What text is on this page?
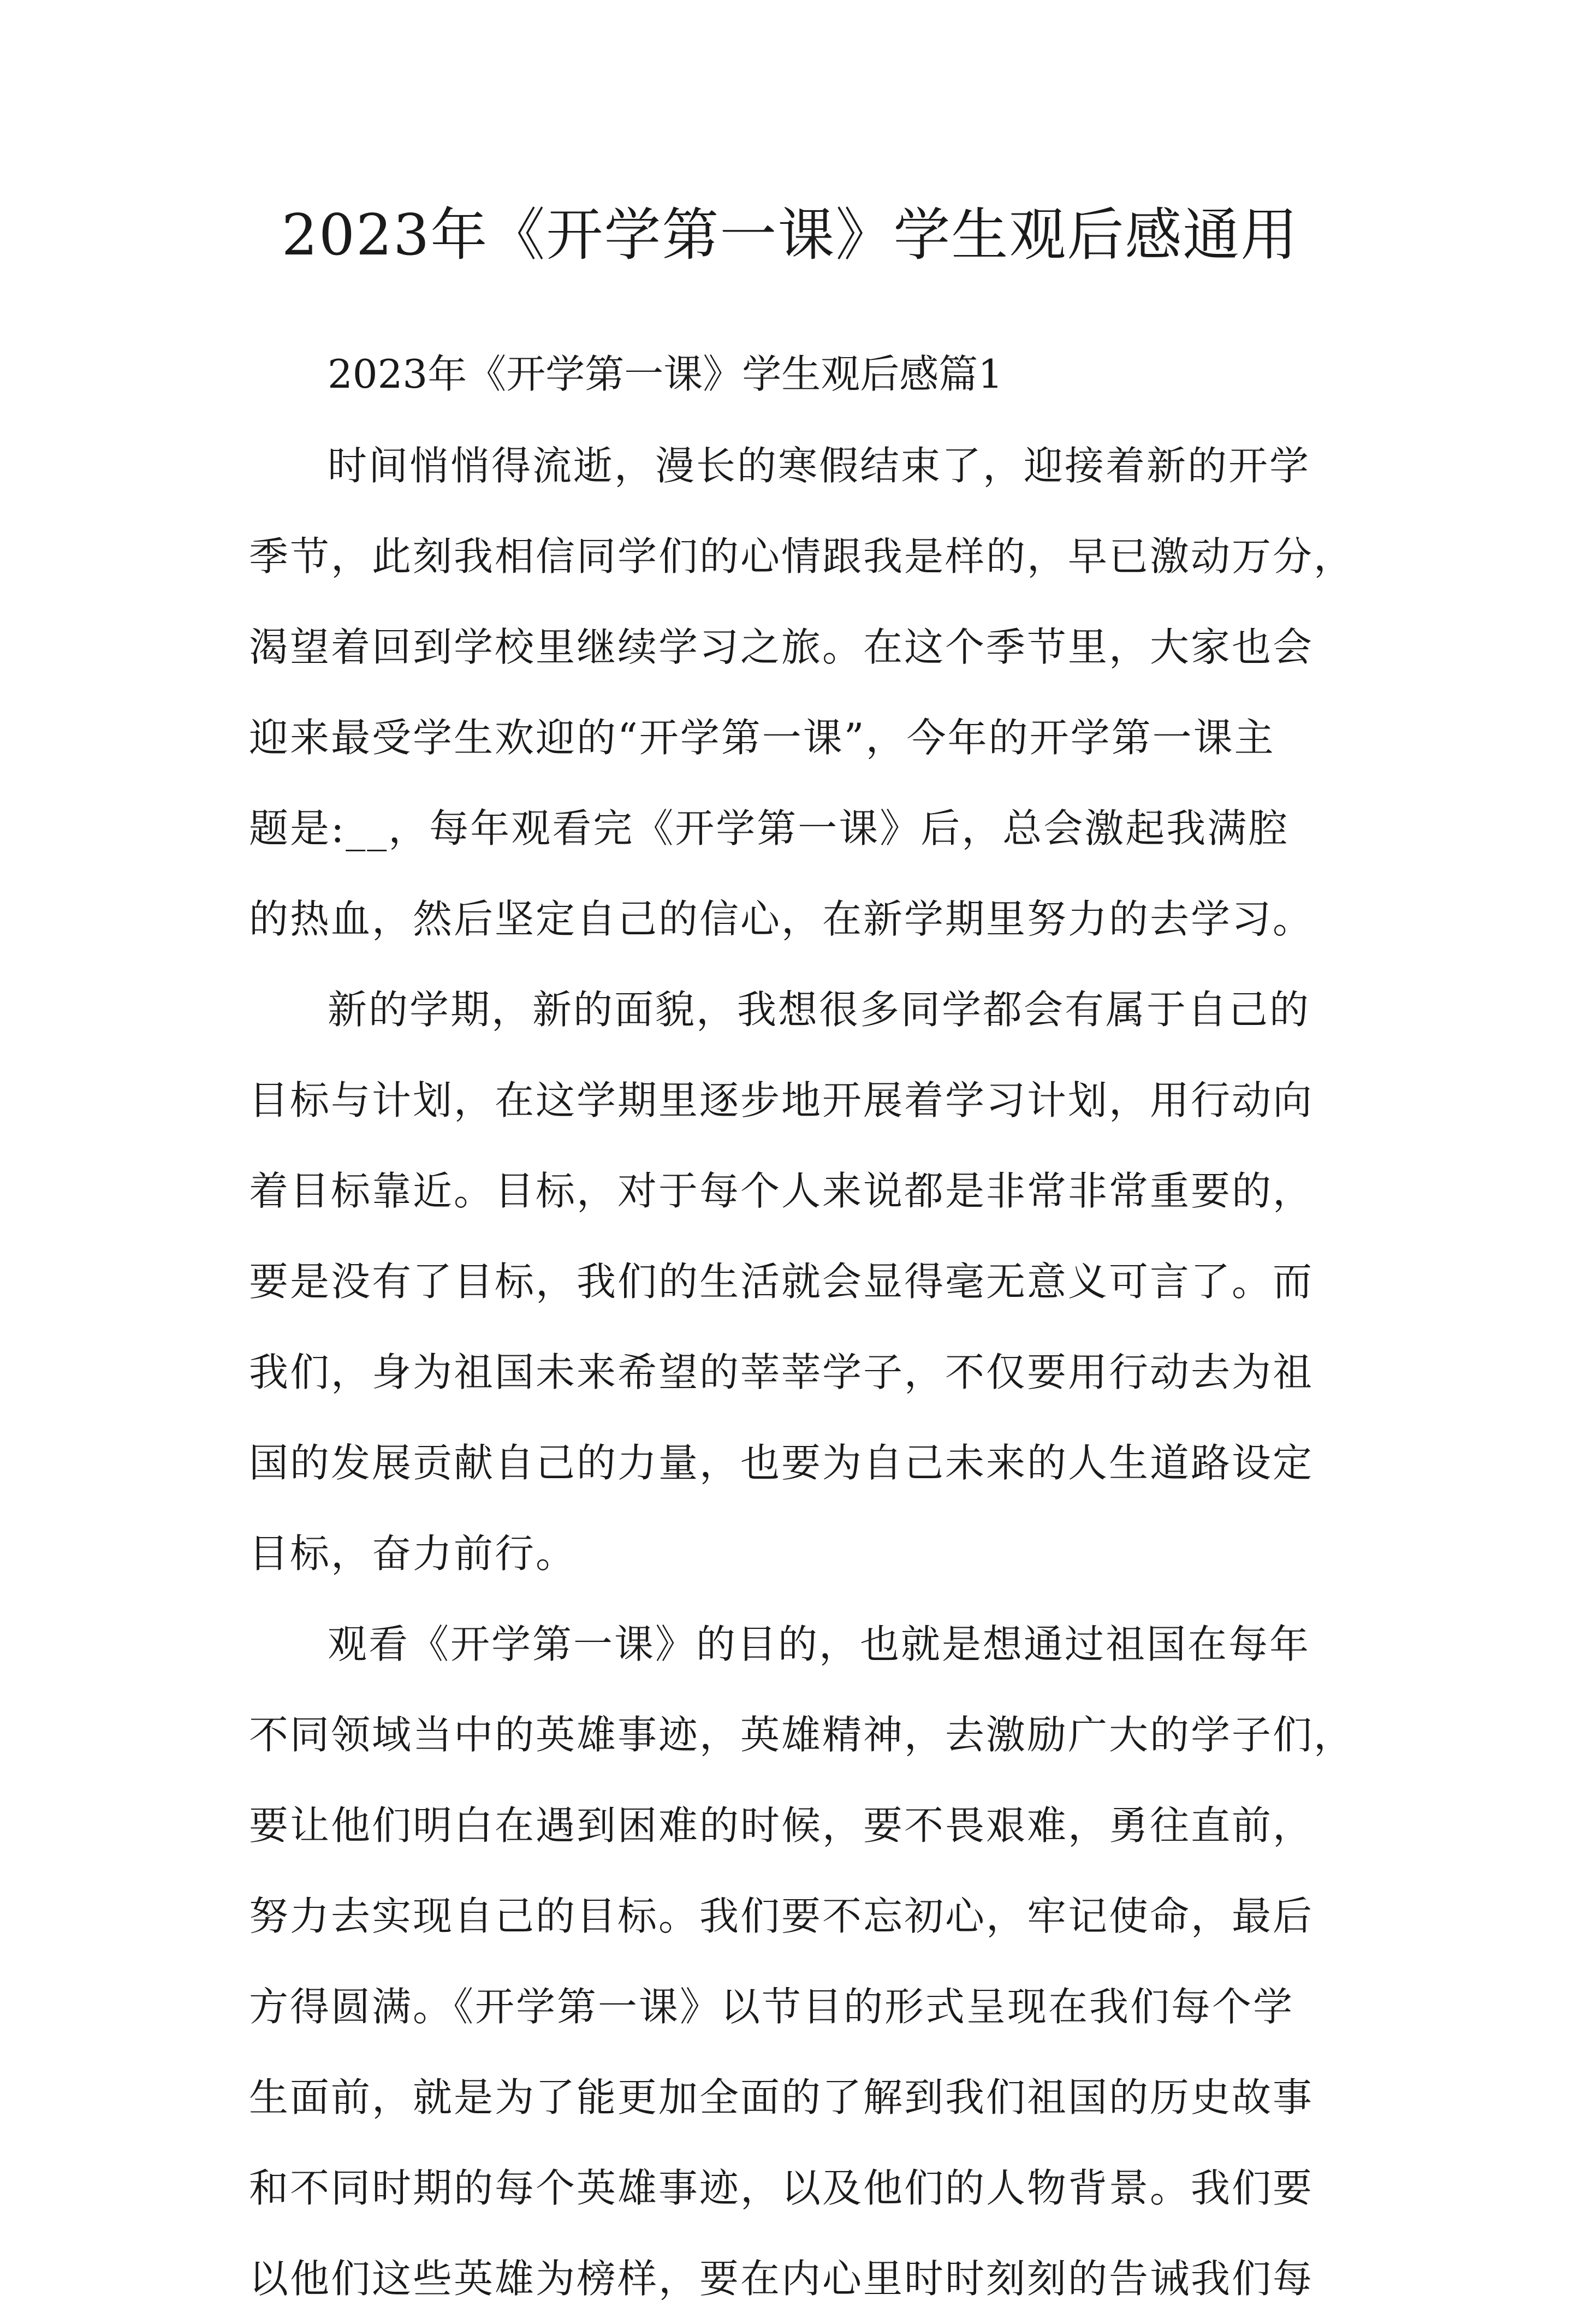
2023年《开学第一课》学生观后感通用
2023年《开学第一课》学生观后感篇1
时间悄悄得流逝，漫长的寒假结束了，迎接着新的开学
季节，此刻我相信同学们的心情跟我是样的，早已激动万分，
渴望着回到学校里继续学习之旅。在这个季节里，大家也会
迎来最受学生欢迎的“开学第一课”，今年的开学第一课主
题是:__，每年观看完《开学第一课》后，总会激起我满腔
的热血，然后坚定自己的信心，在新学期里努力的去学习。
新的学期，新的面貌，我想很多同学都会有属于自己的
目标与计划，在这学期里逐步地开展着学习计划，用行动向
着目标靠近。目标，对于每个人来说都是非常非常重要的，
要是没有了目标，我们的生活就会显得毫无意义可言了。而
我们，身为祖国未来希望的莘莘学子，不仅要用行动去为祖
国的发展贡献自己的力量，也要为自己未来的人生道路设定
目标，奋力前行。
观看《开学第一课》的目的，也就是想通过祖国在每年
不同领域当中的英雄事迹，英雄精神，去激励广大的学子们，
要让他们明白在遇到困难的时候，要不畏艰难，勇往直前，
努力去实现自己的目标。我们要不忘初心，牢记使命，最后
方得圆满。《开学第一课》以节目的形式呈现在我们每个学
生面前，就是为了能更加全面的了解到我们祖国的历史故事
和不同时期的每个英雄事迹，以及他们的人物背景。我们要
以他们这些英雄为榜样，要在内心里时时刻刻的告诫我们每
